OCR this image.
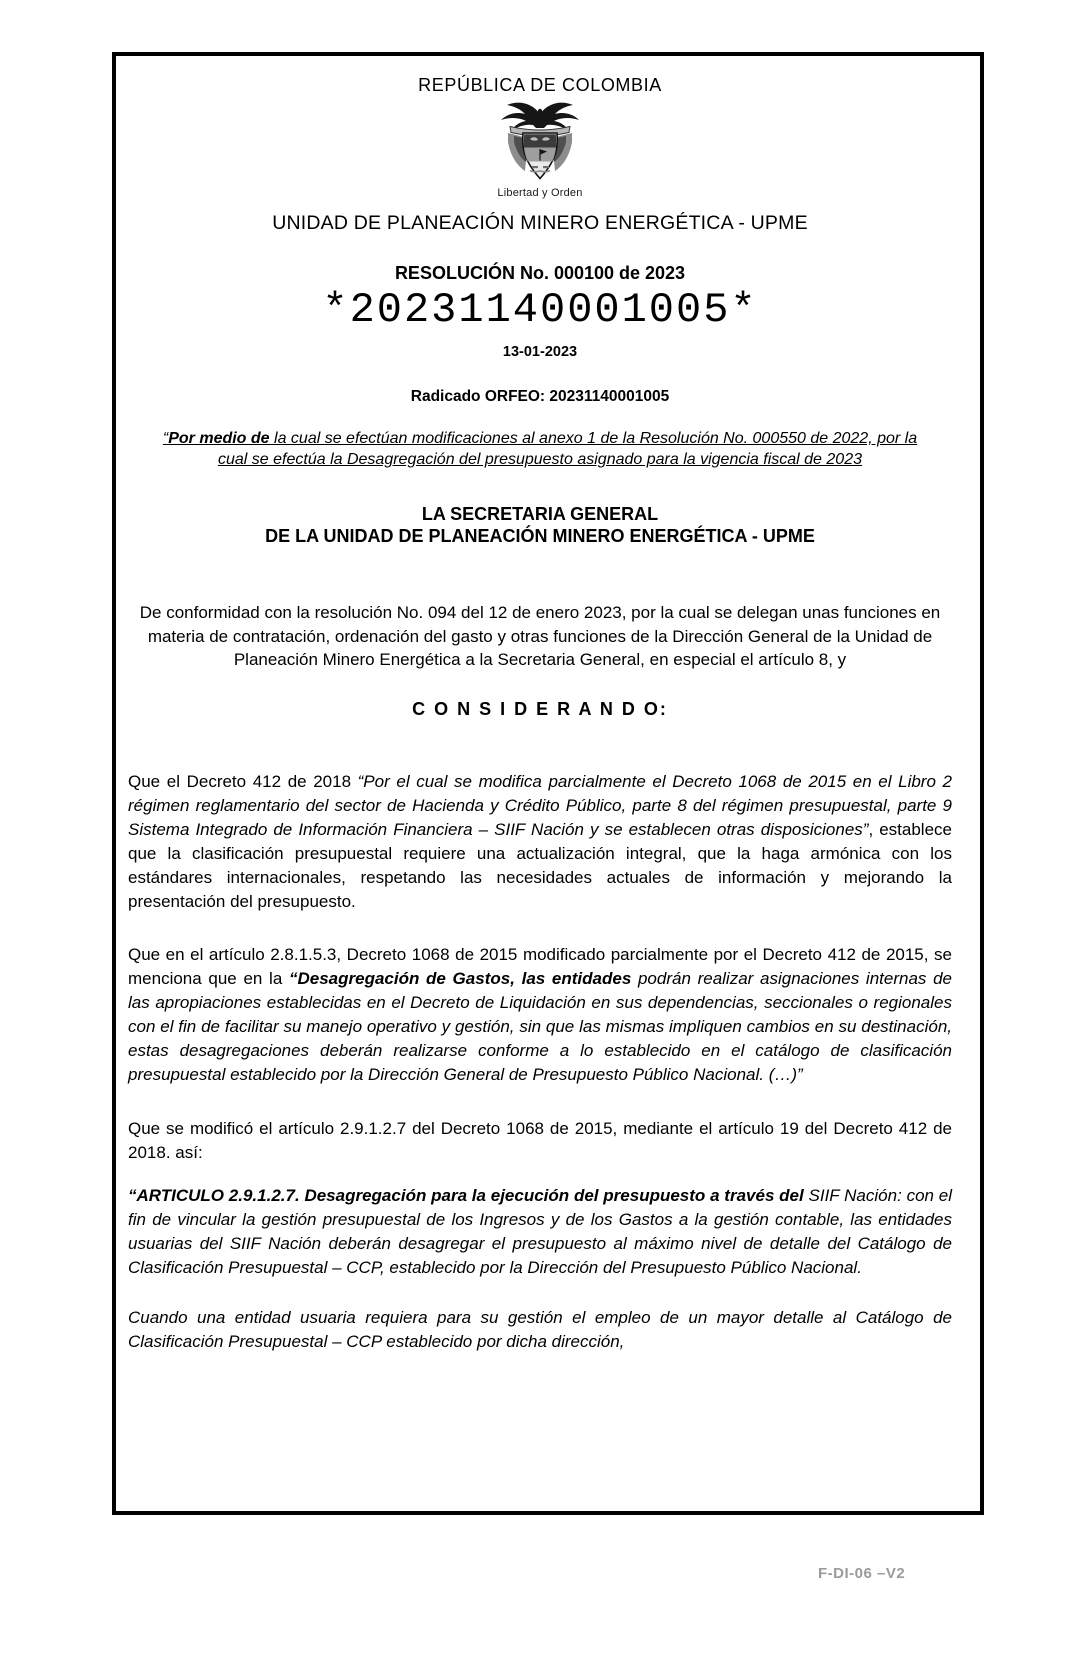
REPÚBLICA DE COLOMBIA
Libertad y Orden
UNIDAD DE PLANEACIÓN MINERO ENERGÉTICA - UPME
RESOLUCIÓN No. 000100 de 2023
*20231140001005*
13-01-2023
Radicado ORFEO: 20231140001005

“Por medio de la cual se efectúan modificaciones al anexo 1 de la Resolución No. 000550 de 2022, por la cual se efectúa la Desagregación del presupuesto asignado para la vigencia fiscal de 2023

LA SECRETARIA GENERAL
DE LA UNIDAD DE PLANEACIÓN MINERO ENERGÉTICA - UPME

De conformidad con la resolución No. 094 del 12 de enero 2023, por la cual se delegan unas funciones en materia de contratación, ordenación del gasto y otras funciones de la Dirección General de la Unidad de Planeación Minero Energética a la Secretaria General, en especial el artículo 8, y

C O N S I D E R A N D O:

Que el Decreto 412 de 2018 “Por el cual se modifica parcialmente el Decreto 1068 de 2015 en el Libro 2 régimen reglamentario del sector de Hacienda y Crédito Público, parte 8 del régimen presupuestal, parte 9 Sistema Integrado de Información Financiera – SIIF Nación y se establecen otras disposiciones”, establece que la clasificación presupuestal requiere una actualización integral, que la haga armónica con los estándares internacionales, respetando las necesidades actuales de información y mejorando la presentación del presupuesto.

Que en el artículo 2.8.1.5.3, Decreto 1068 de 2015 modificado parcialmente por el Decreto 412 de 2015, se menciona que en la “Desagregación de Gastos, las entidades podrán realizar asignaciones internas de las apropiaciones establecidas en el Decreto de Liquidación en sus dependencias, seccionales o regionales con el fin de facilitar su manejo operativo y gestión, sin que las mismas impliquen cambios en su destinación, estas desagregaciones deberán realizarse conforme a lo establecido en el catálogo de clasificación presupuestal establecido por la Dirección General de Presupuesto Público Nacional. (…)”

Que se modificó el artículo 2.9.1.2.7 del Decreto 1068 de 2015, mediante el artículo 19 del Decreto 412 de 2018. así:

“ARTICULO 2.9.1.2.7. Desagregación para la ejecución del presupuesto a través del SIIF Nación: con el fin de vincular la gestión presupuestal de los Ingresos y de los Gastos a la gestión contable, las entidades usuarias del SIIF Nación deberán desagregar el presupuesto al máximo nivel de detalle del Catálogo de Clasificación Presupuestal – CCP, establecido por la Dirección del Presupuesto Público Nacional.

Cuando una entidad usuaria requiera para su gestión el empleo de un mayor detalle al Catálogo de Clasificación Presupuestal – CCP establecido por dicha dirección,

F-DI-06 –V2
